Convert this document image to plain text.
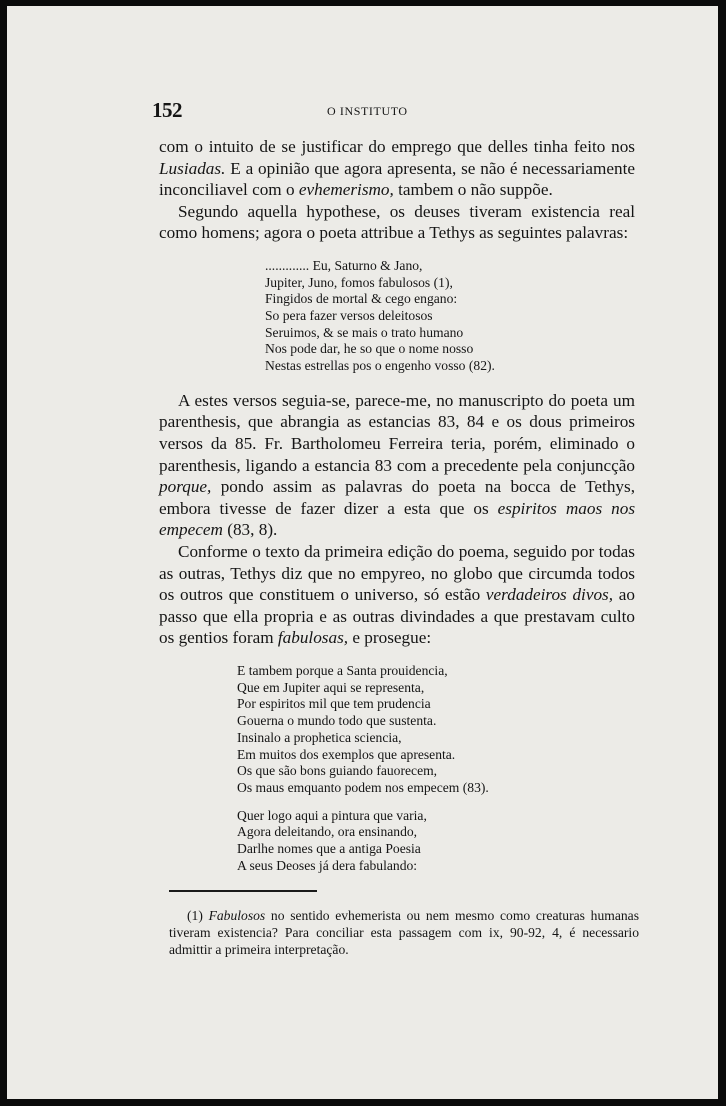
152	O INSTITUTO

com o intuito de se justificar do emprego que delles tinha feito nos Lusiadas. E a opinião que agora apresenta, se não é necessariamente inconciliavel com o evhemerismo, tambem o não suppõe.

Segundo aquella hypothese, os deuses tiveram existencia real como homens; agora o poeta attribue a Tethys as seguintes palavras:

............. Eu, Saturno & Jano,
Jupiter, Juno, fomos fabulosos (1),
Fingidos de mortal & cego engano:
So pera fazer versos deleitosos
Seruimos, & se mais o trato humano
Nos pode dar, he so que o nome nosso
Nestas estrellas pos o engenho vosso (82).

A estes versos seguia-se, parece-me, no manuscripto do poeta um parenthesis, que abrangia as estancias 83, 84 e os dous primeiros versos da 85. Fr. Bartholomeu Ferreira teria, porém, eliminado o parenthesis, ligando a estancia 83 com a precedente pela conjuncção porque, pondo assim as palavras do poeta na bocca de Tethys, embora tivesse de fazer dizer a esta que os espiritos maos nos empecem (83, 8).

Conforme o texto da primeira edição do poema, seguido por todas as outras, Tethys diz que no empyreo, no globo que circumda todos os outros que constituem o universo, só estão verdadeiros divos, ao passo que ella propria e as outras divindades a que prestavam culto os gentios foram fabulosas, e prosegue:

E tambem porque a Santa prouidencia,
Que em Jupiter aqui se representa,
Por espiritos mil que tem prudencia
Gouerna o mundo todo que sustenta.
Insinalo a prophetica sciencia,
Em muitos dos exemplos que apresenta.
Os que são bons guiando fauorecem,
Os maus emquanto podem nos empecem (83).
Quer logo aqui a pintura que varia,
Agora deleitando, ora ensinando,
Darlhe nomes que a antiga Poesia
A seus Deoses já dera fabulando:

(1) Fabulosos no sentido evhemerista ou nem mesmo como creaturas humanas tiveram existencia? Para conciliar esta passagem com ix, 90-92, 4, é necessario admittir a primeira interpretação.
